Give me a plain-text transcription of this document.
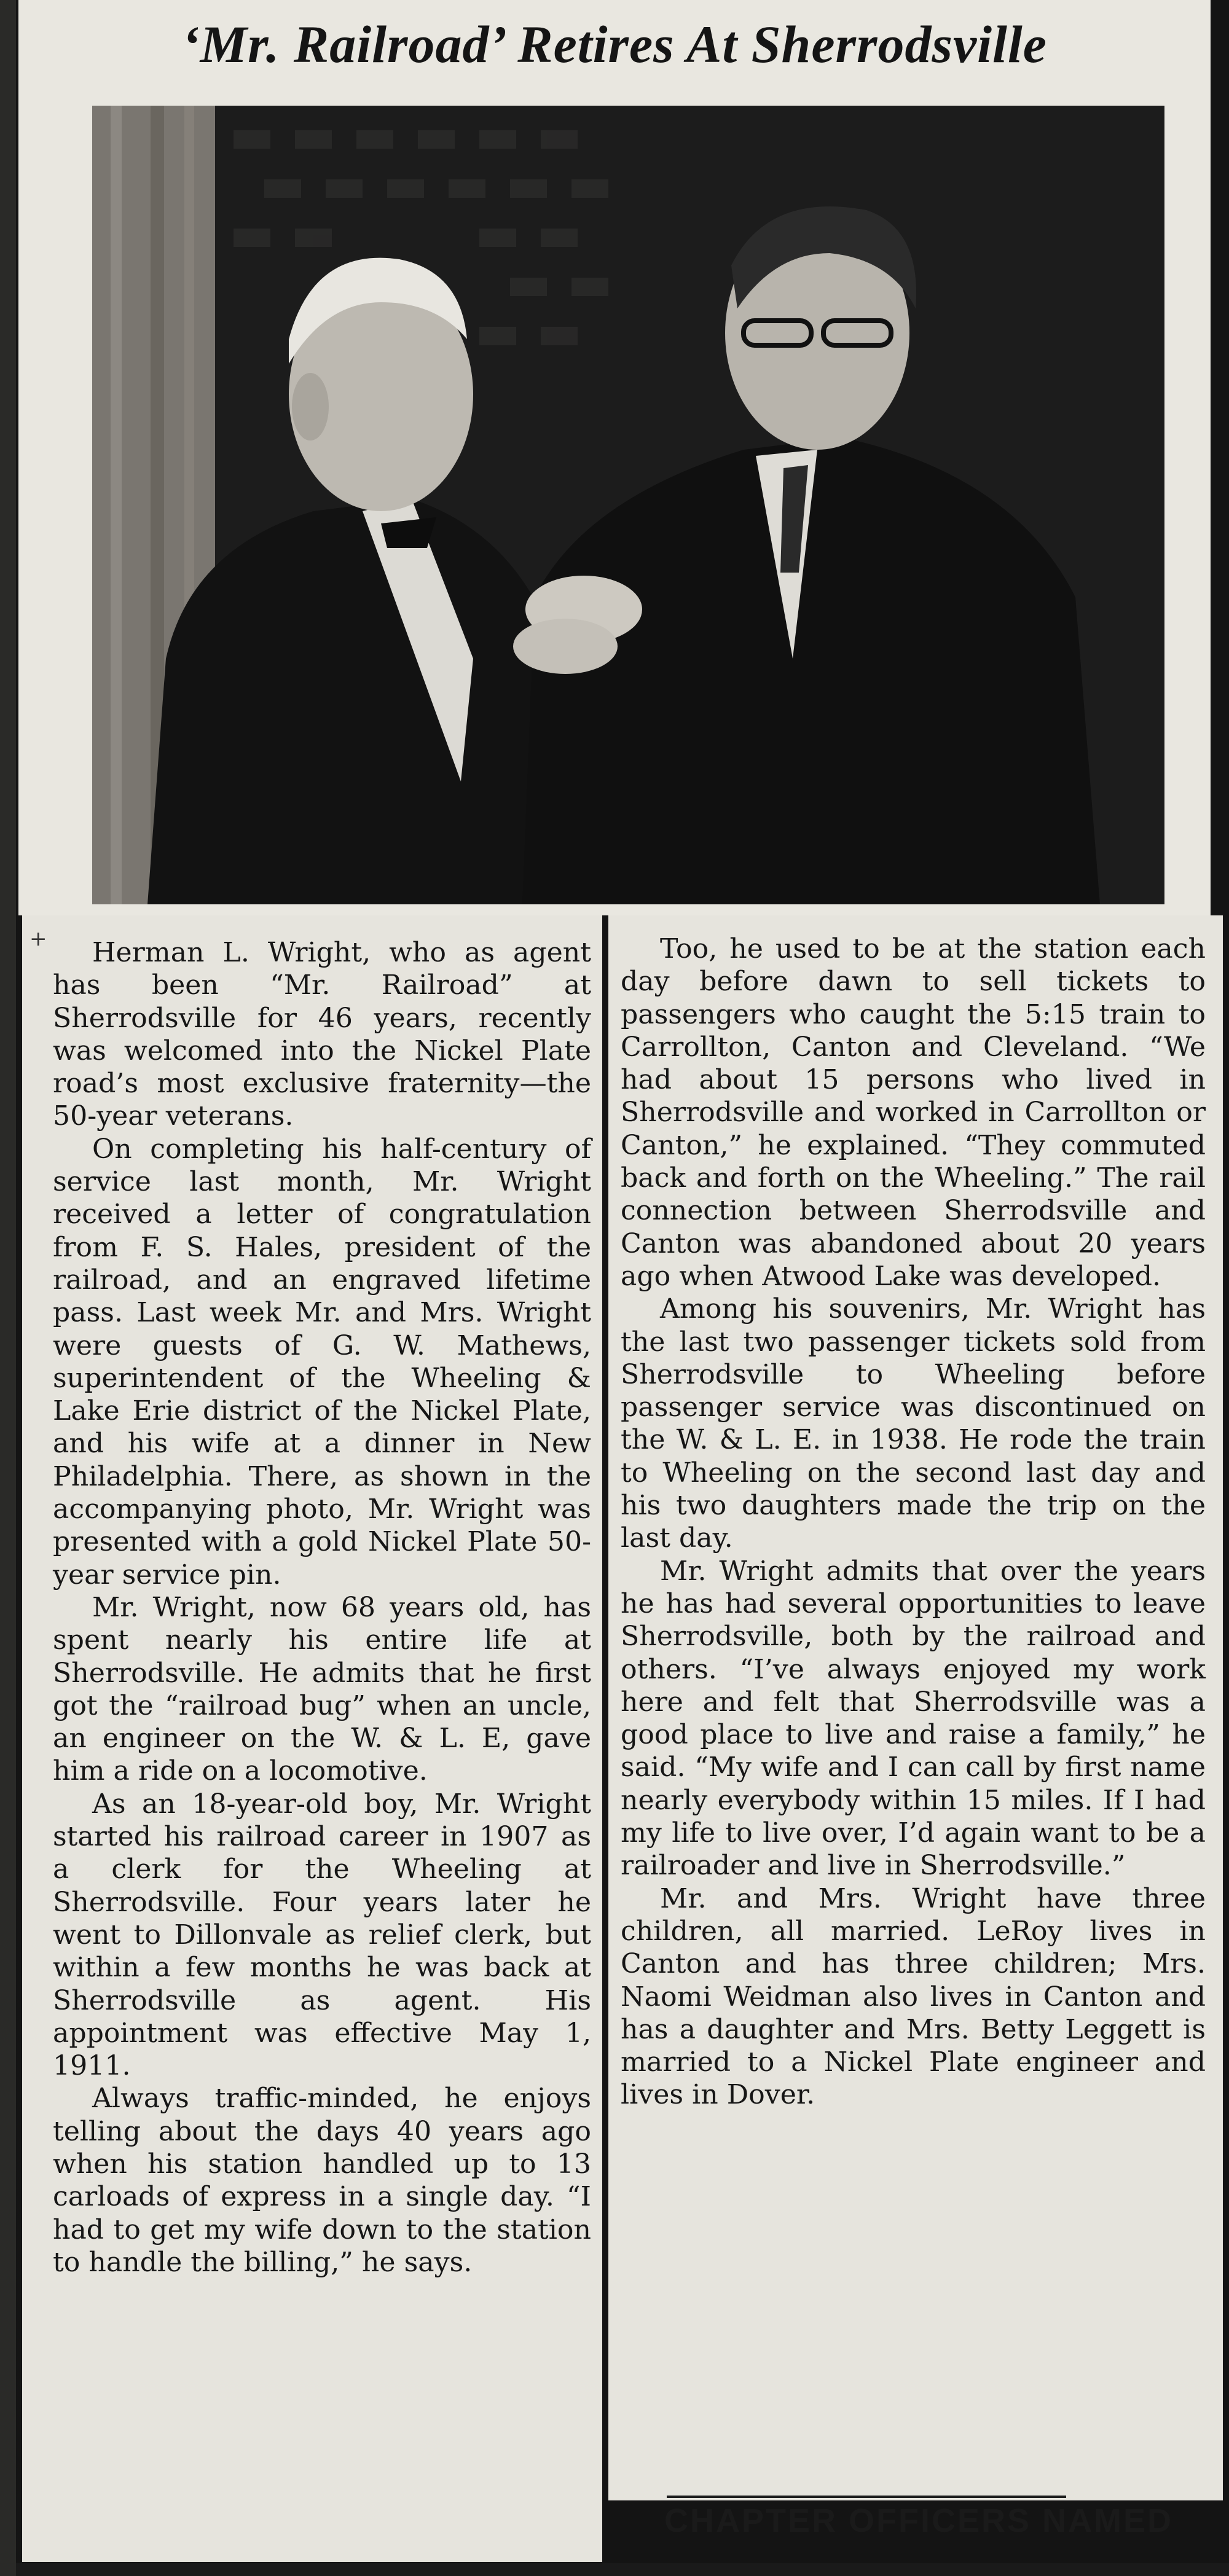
‘Mr. Railroad’ Retires At Sherrodsville
+	Herman L. Wright, who as agent has been “Mr. Railroad” at Sherrodsville for 46 years, recently was welcomed into the Nickel Plate road’s most exclusive fraternity—the 50-year veterans.

On completing his half-century of service last month, Mr. Wright received a letter of congratulation from F. S. Hales, president of the railroad, and an engraved lifetime pass. Last week Mr. and Mrs. Wright were guests of G. W. Mathews, superintendent of the Wheeling & Lake Erie district of the Nickel Plate, and his wife at a dinner in New Philadelphia. There, as shown in the accompanying photo, Mr. Wright was presented with a gold Nickel Plate 50-year service pin.

Mr. Wright, now 68 years old, has spent nearly his entire life at Sherrodsville. He admits that he first got the “railroad bug” when an uncle, an engineer on the W. & L. E, gave him a ride on a locomotive.

As an 18-year-old boy, Mr. Wright started his railroad career in 1907 as a clerk for the Wheeling at Sherrodsville. Four years later he went to Dillonvale as relief clerk, but within a few months he was back at Sherrodsville as agent. His appointment was effective May 1, 1911.

Always traffic-minded, he enjoys telling about the days 40 years ago when his station handled up to 13 carloads of express in a single day. “I had to get my wife down to the station to handle the billing,” he says.

Too, he used to be at the station each day before dawn to sell tickets to passengers who caught the 5:15 train to Carrollton, Canton and Cleveland. “We had about 15 persons who lived in Sherrodsville and worked in Carrollton or Canton,” he explained. “They commuted back and forth on the Wheeling.” The rail connection between Sherrodsville and Canton was abandoned about 20 years ago when Atwood Lake was developed.

Among his souvenirs, Mr. Wright has the last two passenger tickets sold from Sherrodsville to Wheeling before passenger service was discontinued on the W. & L. E. in 1938. He rode the train to Wheeling on the second last day and his two daughters made the trip on the last day.

Mr. Wright admits that over the years he has had several opportunities to leave Sherrodsville, both by the railroad and others. “I’ve always enjoyed my work here and felt that Sherrodsville was a good place to live and raise a family,” he said. “My wife and I can call by first name nearly everybody within 15 miles. If I had my life to live over, I’d again want to be a railroader and live in Sherrodsville.”

Mr. and Mrs. Wright have three children, all married. LeRoy lives in Canton and has three children; Mrs. Naomi Weidman also lives in Canton and has a daughter and Mrs. Betty Leggett is married to a Nickel Plate engineer and lives in Dover.

CHAPTER OFFICERS NAMED
